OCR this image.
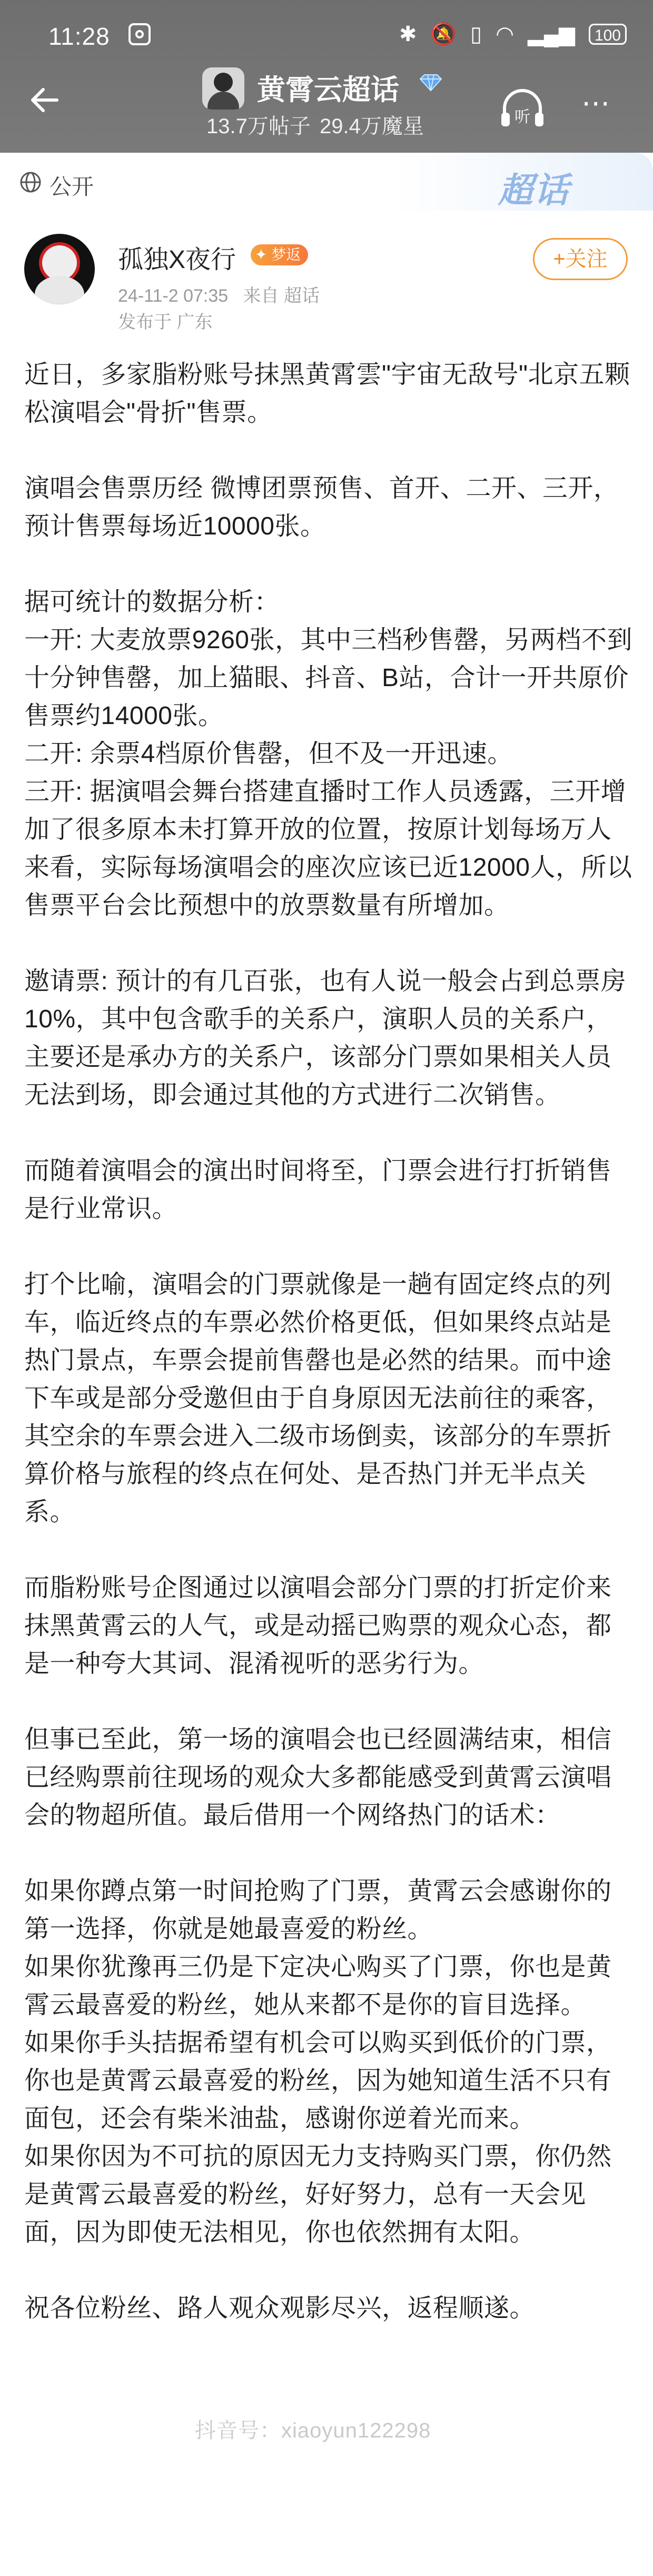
11:28	✱ 🔕 ▯ ◠ ▂▄▆	100
黄霄云超话
13.7万帖子 29.4万魔星	听 ⋯
公开	超话
孤独X夜行 ✦ 梦返
24-11-2 07:35 来自 超话
发布于 广东
+关注

近日，多家脂粉账号抹黑黄霄雲"宇宙无敌号"北京五颗松演唱会"骨折"售票。

演唱会售票历经 微博团票预售、首开、二开、三开，预计售票每场近10000张。

据可统计的数据分析：
一开: 大麦放票9260张，其中三档秒售罄，另两档不到十分钟售罄，加上猫眼、抖音、B站，合计一开共原价售票约14000张。
二开: 余票4档原价售罄，但不及一开迅速。
三开: 据演唱会舞台搭建直播时工作人员透露，三开增加了很多原本未打算开放的位置，按原计划每场万人来看，实际每场演唱会的座次应该已近12000人，所以售票平台会比预想中的放票数量有所增加。

邀请票: 预计的有几百张，也有人说一般会占到总票房10%，其中包含歌手的关系户，演职人员的关系户，主要还是承办方的关系户，该部分门票如果相关人员无法到场，即会通过其他的方式进行二次销售。

而随着演唱会的演出时间将至，门票会进行打折销售是行业常识。

打个比喻，演唱会的门票就像是一趟有固定终点的列车，临近终点的车票必然价格更低，但如果终点站是热门景点，车票会提前售罄也是必然的结果。而中途下车或是部分受邀但由于自身原因无法前往的乘客，其空余的车票会进入二级市场倒卖，该部分的车票折算价格与旅程的终点在何处、是否热门并无半点关系。

而脂粉账号企图通过以演唱会部分门票的打折定价来抹黑黄霄云的人气，或是动摇已购票的观众心态，都是一种夸大其词、混淆视听的恶劣行为。

但事已至此，第一场的演唱会也已经圆满结束，相信已经购票前往现场的观众大多都能感受到黄霄云演唱会的物超所值。最后借用一个网络热门的话术：

如果你蹲点第一时间抢购了门票，黄霄云会感谢你的第一选择，你就是她最喜爱的粉丝。
如果你犹豫再三仍是下定决心购买了门票，你也是黄霄云最喜爱的粉丝，她从来都不是你的盲目选择。
如果你手头拮据希望有机会可以购买到低价的门票，你也是黄霄云最喜爱的粉丝，因为她知道生活不只有面包，还会有柴米油盐，感谢你逆着光而来。
如果你因为不可抗的原因无力支持购买门票，你仍然是黄霄云最喜爱的粉丝，好好努力，总有一天会见面，因为即使无法相见，你也依然拥有太阳。

祝各位粉丝、路人观众观影尽兴，返程顺遂。

抖音号：xiaoyun122298
